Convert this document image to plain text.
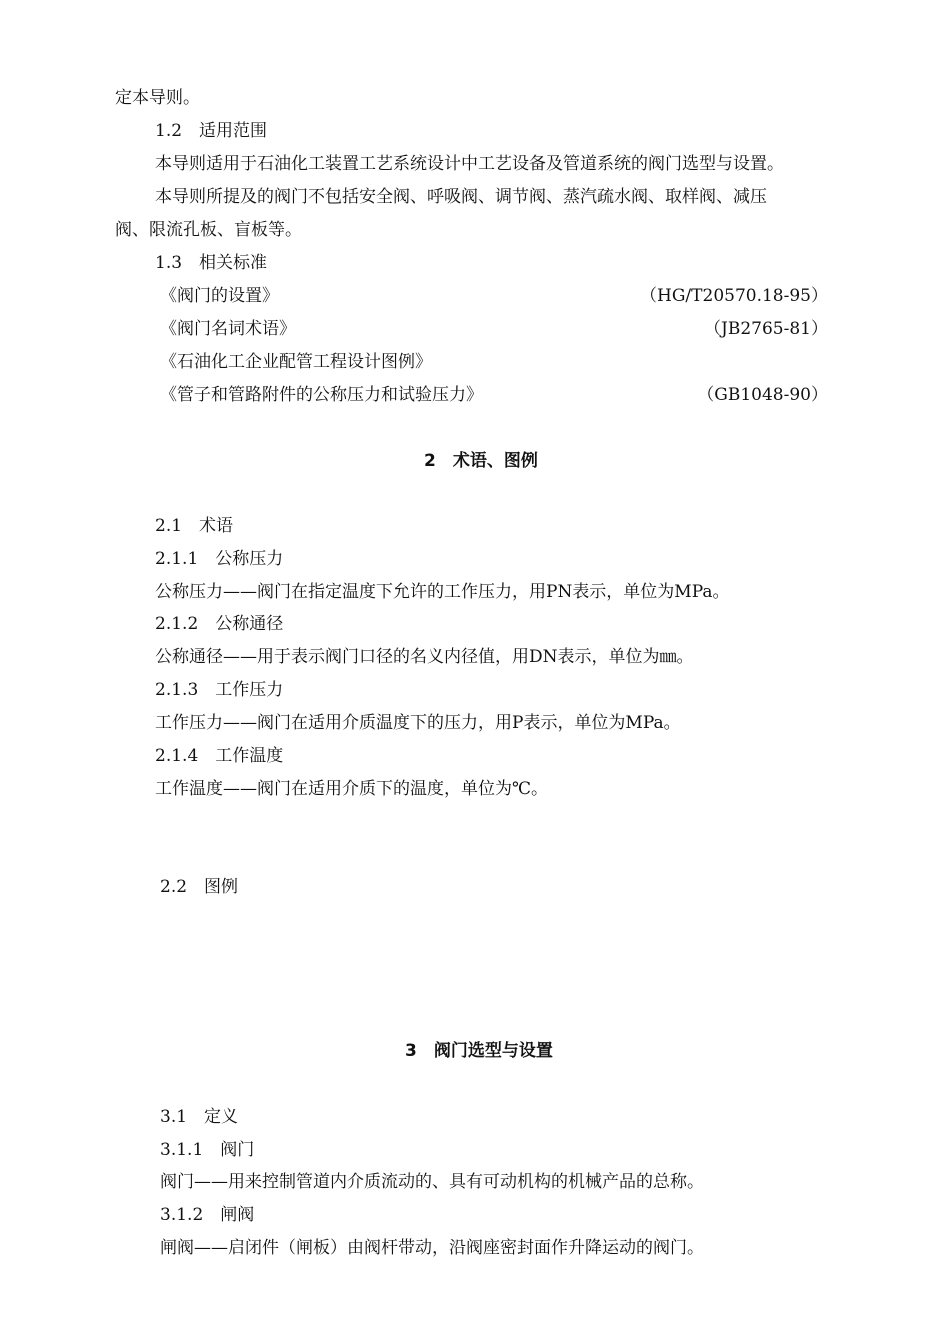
定本导则。
1.2　适用范围
本导则适用于石油化工装置工艺系统设计中工艺设备及管道系统的阀门选型与设置。
本导则所提及的阀门不包括安全阀、呼吸阀、调节阀、蒸汽疏水阀、取样阀、减压
阀、限流孔板、盲板等。
1.3　相关标准
《阀门的设置》	（HG/T20570.18-95）
《阀门名词术语》	（JB2765-81）
《石油化工企业配管工程设计图例》
《管子和管路附件的公称压力和试验压力》	（GB1048-90）
2　术语、图例
2.1　术语
2.1.1　公称压力
公称压力——阀门在指定温度下允许的工作压力，用PN表示，单位为MPa。
2.1.2　公称通径
公称通径——用于表示阀门口径的名义内径值，用DN表示，单位为㎜。
2.1.3　工作压力
工作压力——阀门在适用介质温度下的压力，用P表示，单位为MPa。
2.1.4　工作温度
工作温度——阀门在适用介质下的温度，单位为℃。
2.2　图例
3　阀门选型与设置
3.1　定义
3.1.1　阀门
阀门——用来控制管道内介质流动的、具有可动机构的机械产品的总称。
3.1.2　闸阀
闸阀——启闭件（闸板）由阀杆带动，沿阀座密封面作升降运动的阀门。
